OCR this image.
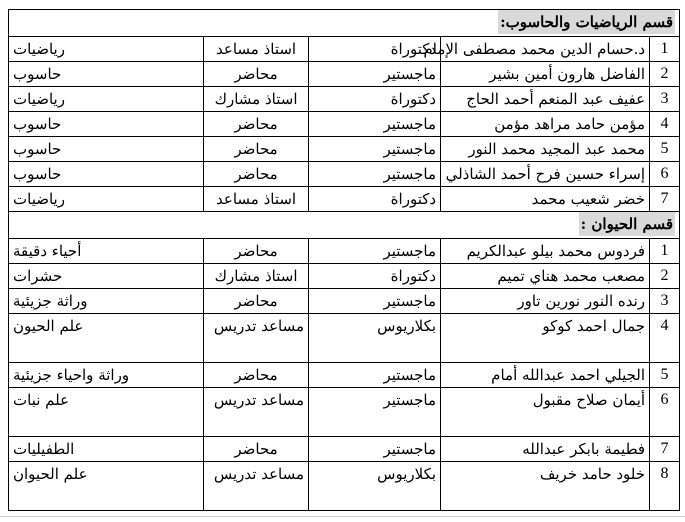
قسم الرياضيات والحاسوب:				
1	د.حسام الدين محمد مصطفى الإمام	دكتوراة	استاذ مساعد	رياضيات
2	الفاضل هارون أمين بشير	ماجستير	محاضر	حاسوب
3	عفيف عبد المنعم أحمد الحاج	دكتوراة	استاذ مشارك	رياضيات
4	مؤمن حامد مراهد مؤمن	ماجستير	محاضر	حاسوب
5	محمد عبد المجيد محمد النور	ماجستير	محاضر	حاسوب
6	إسراء حسين فرح أحمد الشاذلي	ماجستير	محاضر	حاسوب
7	خضر شعيب محمد	دكتوراة	استاذ مساعد	رياضيات
قسم الحيوان :				
1	فردوس محمد بيلو عبدالكريم	ماجستير	محاضر	أحياء دقيقة
2	مصعب محمد هناي تميم	دكتوراة	استاذ مشارك	حشرات
3	رنده النور نورين تاور	ماجستير	محاضر	وراثة جزيئية
4	جمال احمد كوكو	بكلاريوس	مساعد تدريس	علم الحيون
5	الجيلي احمد عبدالله أمام	ماجستير	محاضر	وراثة واحياء جزيئية
6	أيمان صلاح مقبول	ماجستير	مساعد تدريس	علم نبات
7	فطيمة بابكر عبدالله	ماجستير	محاضر	الطفيليات
8	خلود حامد خريف	بكلاريوس	مساعد تدريس	علم الحيوان
